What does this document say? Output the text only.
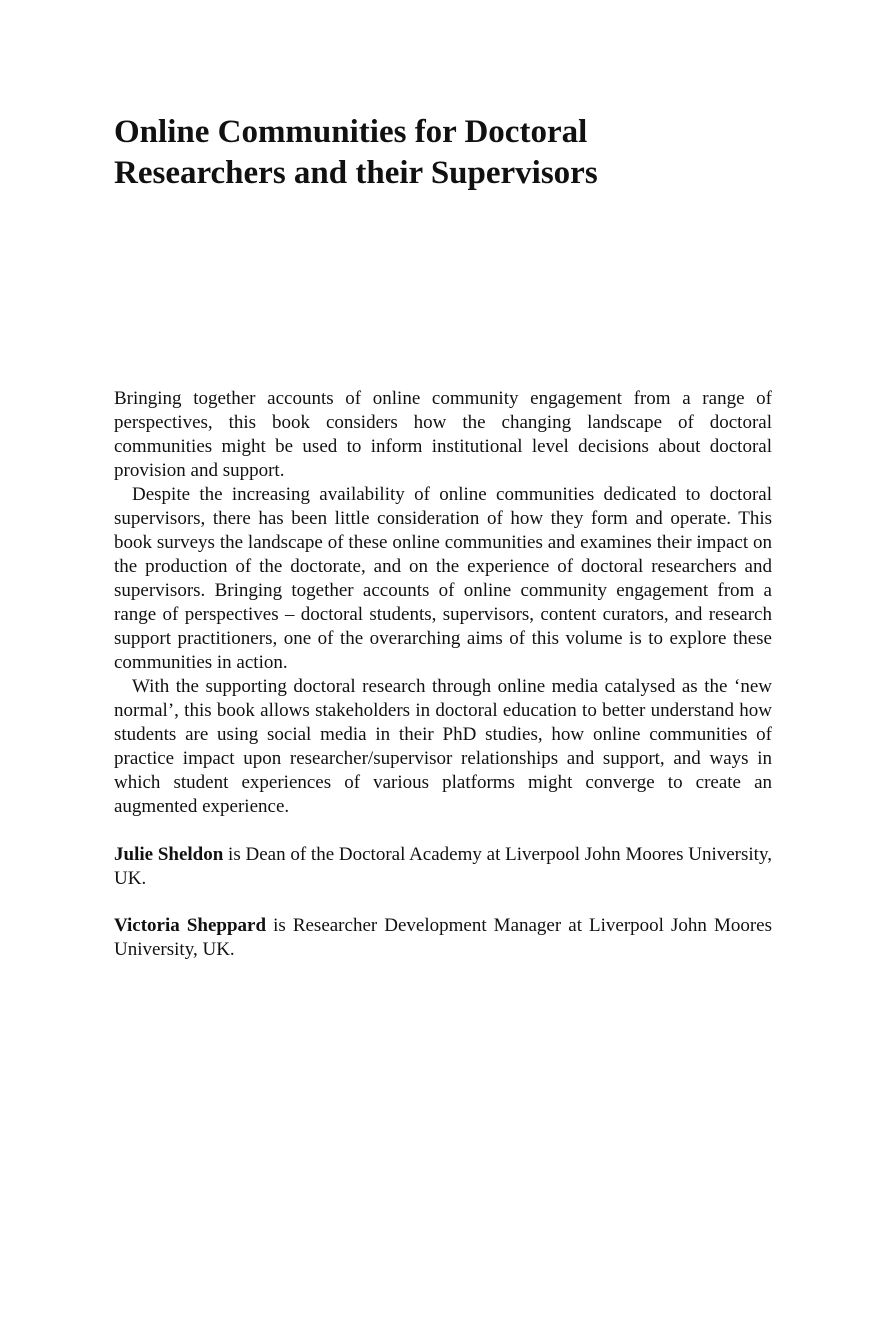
Online Communities for Doctoral
Researchers and their Supervisors

Bringing together accounts of online community engagement from a range of perspectives, this book considers how the changing landscape of doctoral communities might be used to inform institutional level decisions about doctoral provision and support.

Despite the increasing availability of online communities dedicated to doctoral supervisors, there has been little consideration of how they form and operate. This book surveys the landscape of these online communities and examines their impact on the production of the doctorate, and on the experience of doctoral researchers and supervisors. Bringing together accounts of online community engagement from a range of perspectives – doctoral students, supervisors, content curators, and research support practitioners, one of the overarching aims of this volume is to explore these communities in action.

With the supporting doctoral research through online media catalysed as the ‘new normal’, this book allows stakeholders in doctoral education to better understand how students are using social media in their PhD studies, how online communities of practice impact upon researcher/supervisor relationships and support, and ways in which student experiences of various platforms might converge to create an augmented experience.

Julie Sheldon is Dean of the Doctoral Academy at Liverpool John Moores University, UK.

Victoria Sheppard is Researcher Development Manager at Liverpool John Moores University, UK.
